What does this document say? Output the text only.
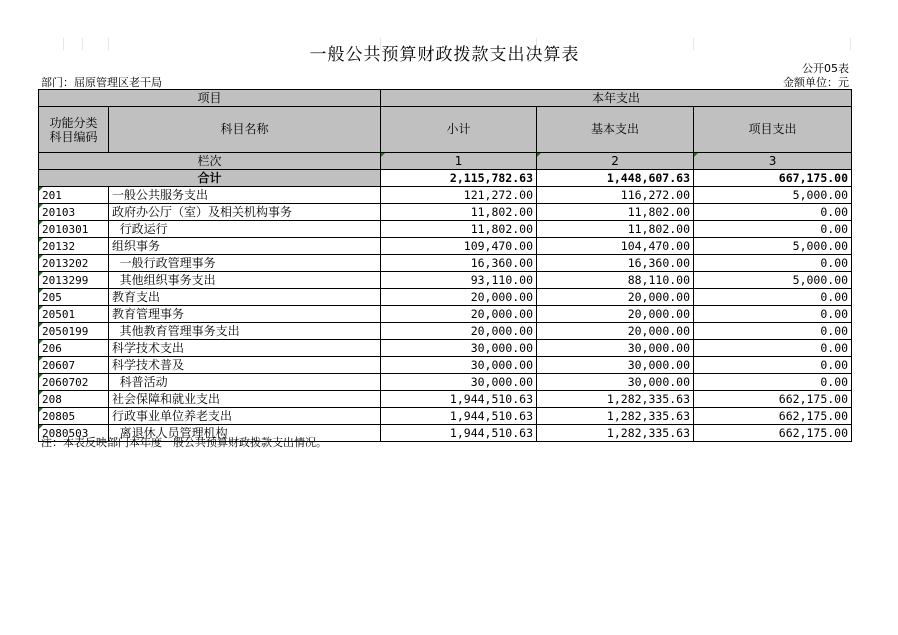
一般公共预算财政拨款支出决算表
公开05表
部门：屈原管理区老干局	金额单位：元
项目		本年支出		
功能分类
科目编码	科目名称	小计	基本支出	项目支出
栏次		1	2	3
合计		2,115,782.63	1,448,607.63	667,175.00

201	一般公共服务支出	121,272.00	116,272.00	5,000.00

20103	政府办公厅（室）及相关机构事务	11,802.00	11,802.00	0.00

2010301	行政运行	11,802.00	11,802.00	0.00

20132	组织事务	109,470.00	104,470.00	5,000.00

2013202	一般行政管理事务	16,360.00	16,360.00	0.00

2013299	其他组织事务支出	93,110.00	88,110.00	5,000.00

205	教育支出	20,000.00	20,000.00	0.00

20501	教育管理事务	20,000.00	20,000.00	0.00

2050199	其他教育管理事务支出	20,000.00	20,000.00	0.00

206	科学技术支出	30,000.00	30,000.00	0.00

20607	科学技术普及	30,000.00	30,000.00	0.00

2060702	科普活动	30,000.00	30,000.00	0.00

208	社会保障和就业支出	1,944,510.63	1,282,335.63	662,175.00

20805	行政事业单位养老支出	1,944,510.63	1,282,335.63	662,175.00

2080503	离退休人员管理机构	1,944,510.63	1,282,335.63	662,175.00
注：本表反映部门本年度一般公共预算财政拨款支出情况。
